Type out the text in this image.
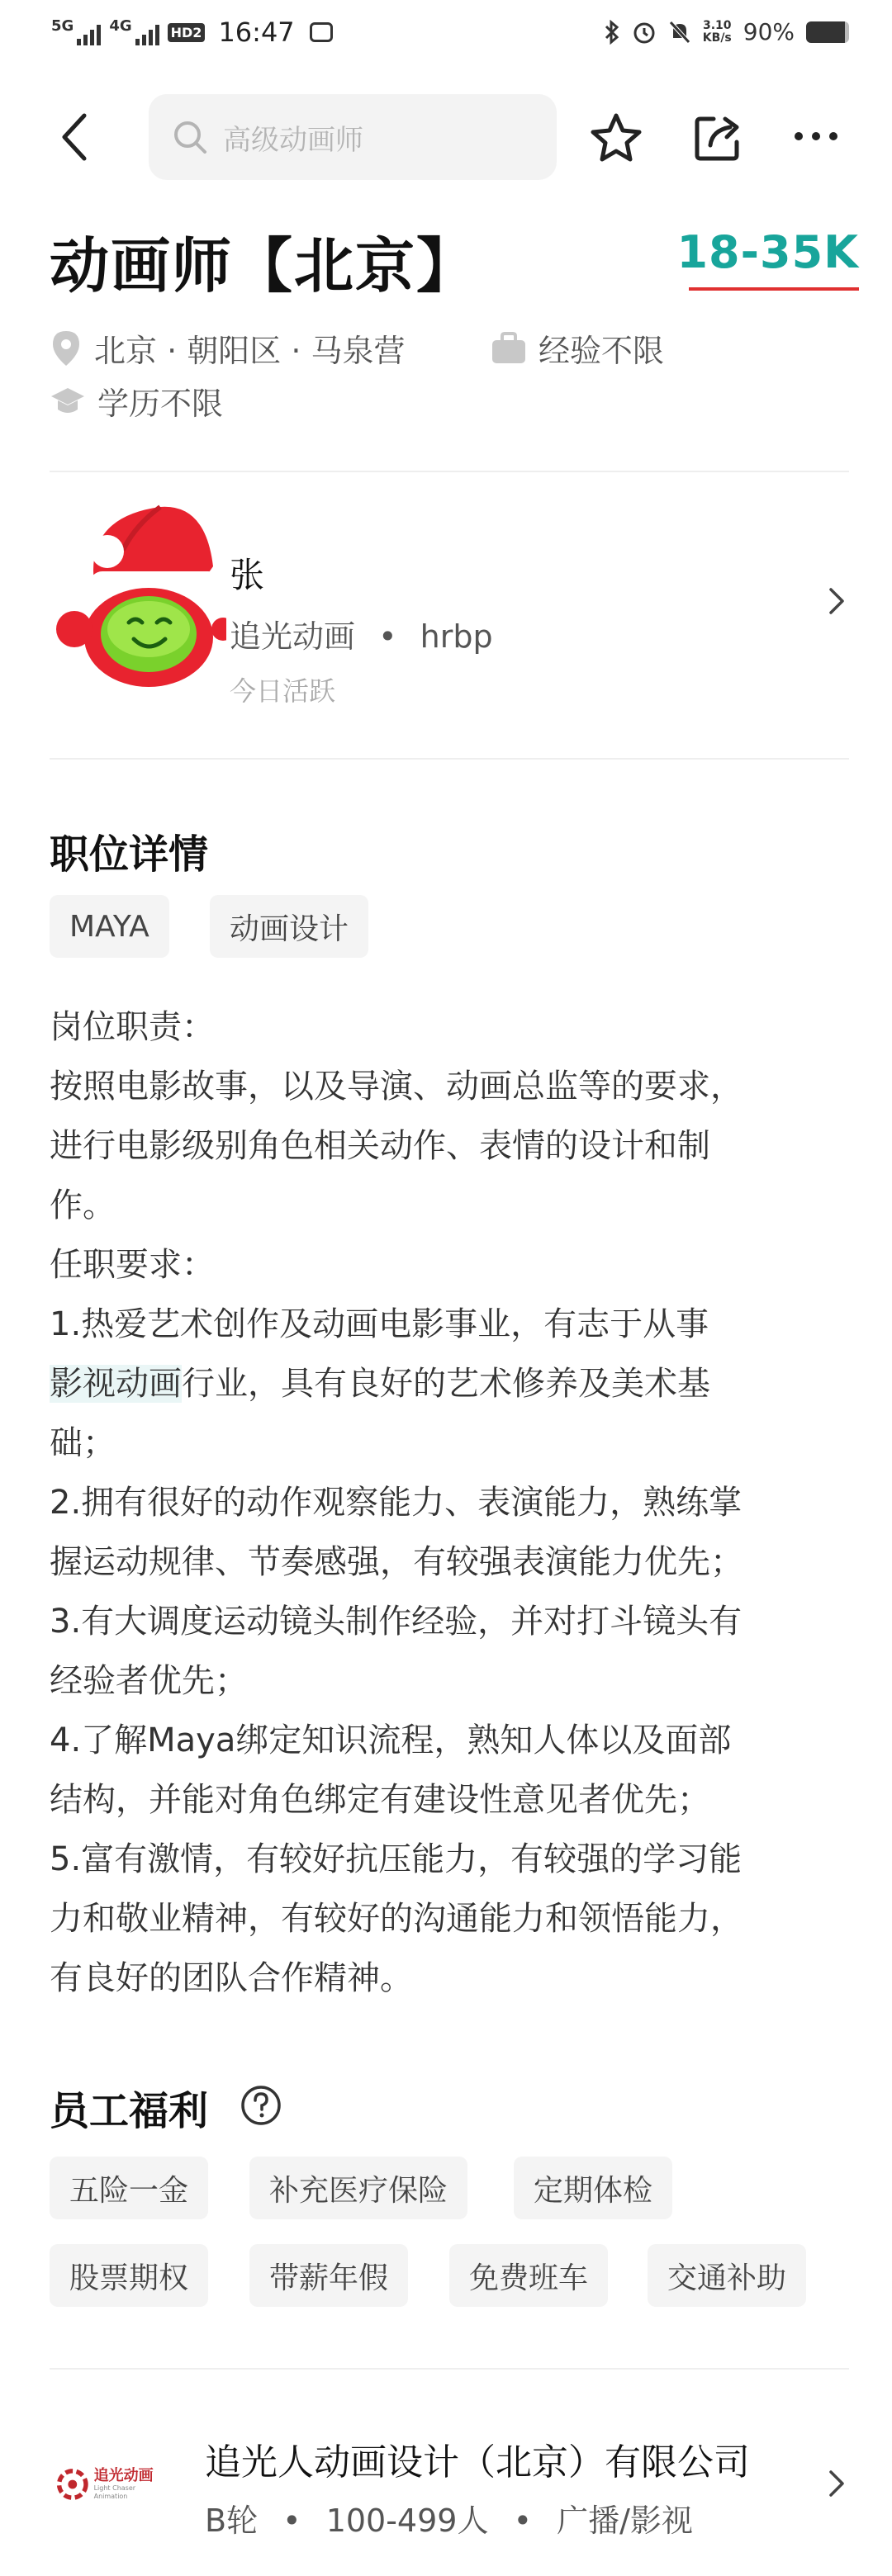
5G 4G	HD2 16:47	3.10
KB/s 90%
高级动画师
动画师【北京】	18-35K
北京 · 朝阳区 · 马泉营	经验不限
学历不限
张
追光动画 • hrbp
今日活跃
职位详情
MAYA	动画设计
岗位职责：
按照电影故事，以及导演、动画总监等的要求，
进行电影级别角色相关动作、表情的设计和制
作。
任职要求：
1.热爱艺术创作及动画电影事业，有志于从事
影视动画行业，具有良好的艺术修养及美术基
础；
2.拥有很好的动作观察能力、表演能力，熟练掌
握运动规律、节奏感强，有较强表演能力优先；
3.有大调度运动镜头制作经验，并对打斗镜头有
经验者优先；
4.了解Maya绑定知识流程，熟知人体以及面部
结构，并能对角色绑定有建设性意见者优先；
5.富有激情，有较好抗压能力，有较强的学习能
力和敬业精神，有较好的沟通能力和领悟能力，
有良好的团队合作精神。
员工福利
五险一金	补充医疗保险	定期体检
股票期权	带薪年假	免费班车	交通补助
追光动画
Light Chaser Animation
追光人动画设计（北京）有限公司
B轮 • 100-499人 • 广播/影视
